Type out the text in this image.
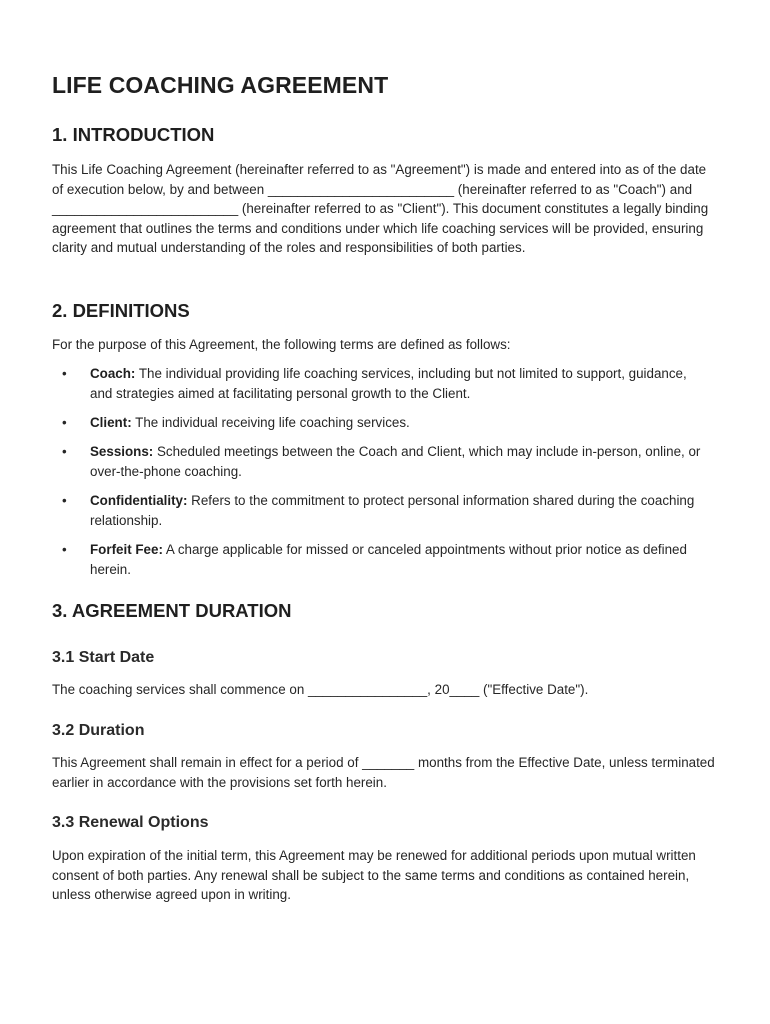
LIFE COACHING AGREEMENT
1. INTRODUCTION

This Life Coaching Agreement (hereinafter referred to as "Agreement") is made and entered into as of the date of execution below, by and between _________________________ (hereinafter referred to as "Coach") and _________________________ (hereinafter referred to as "Client"). This document constitutes a legally binding agreement that outlines the terms and conditions under which life coaching services will be provided, ensuring clarity and mutual understanding of the roles and responsibilities of both parties.

2. DEFINITIONS

For the purpose of this Agreement, the following terms are defined as follows:

•	Coach: The individual providing life coaching services, including but not limited to support, guidance, and strategies aimed at facilitating personal growth to the Client.
•	Client: The individual receiving life coaching services.
•	Sessions: Scheduled meetings between the Coach and Client, which may include in-person, online, or over-the-phone coaching.
•	Confidentiality: Refers to the commitment to protect personal information shared during the coaching relationship.
•	Forfeit Fee: A charge applicable for missed or canceled appointments without prior notice as defined herein.
3. AGREEMENT DURATION
3.1 Start Date

The coaching services shall commence on ________________, 20____ ("Effective Date").

3.2 Duration

This Agreement shall remain in effect for a period of _______ months from the Effective Date, unless terminated earlier in accordance with the provisions set forth herein.

3.3 Renewal Options

Upon expiration of the initial term, this Agreement may be renewed for additional periods upon mutual written consent of both parties. Any renewal shall be subject to the same terms and conditions as contained herein, unless otherwise agreed upon in writing.
